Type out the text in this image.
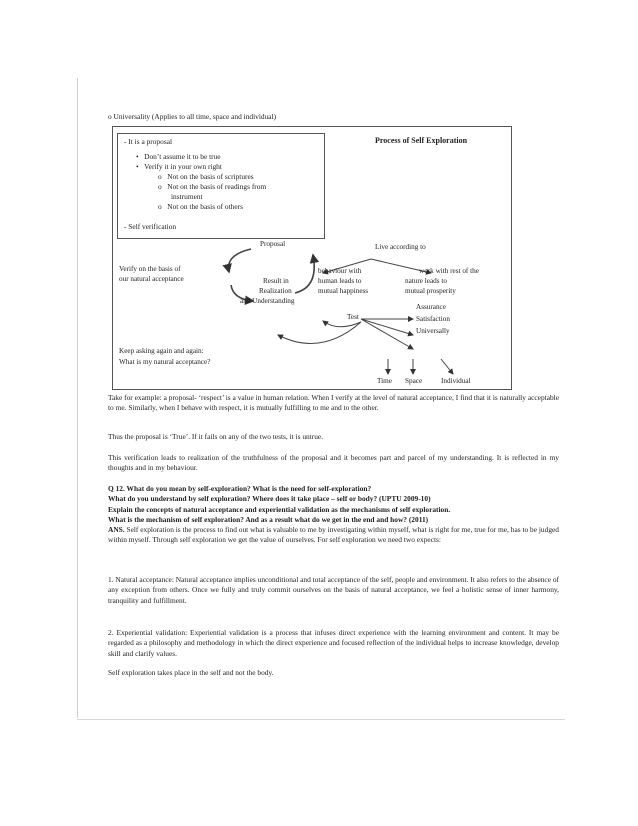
o Universality (Applies to all time, space and individual)
- It is a proposal
•   Don’t assume it to be true
•   Verify it in your own right
o   Not on the basis of scriptures
o   Not on the basis of readings from
instrument
o   Not on the basis of others
- Self verification
Process of Self Exploration
Proposal
Verify on the basis of
our natural acceptance	Result in
Realization
and Understanding
Live according to
behaviour with
human leads to
mutual happiness
work with rest of the
nature leads to
mutual prosperity
Test
Assurance
Satisfaction
Universally
Keep asking again and again:
What is my natural acceptance?
Time Space	Individual
Take for example: a proposal- ‘respect’ is a value in human relation. When I verify at the level of natural acceptance, I find that it is naturally acceptable to me. Similarly, when I behave with respect, it is mutually fulfilling to me and to the other.
Thus the proposal is ‘True’. If it fails on any of the two tests, it is untrue.
This verification leads to realization of the truthfulness of the proposal and it becomes part and parcel of my understanding. It is reflected in my thoughts and in my behaviour.
Q 12. What do you mean by self-exploration? What is the need for self-exploration?
What do you understand by self exploration? Where does it take place – self or body? (UPTU 2009-10)
Explain the concepts of natural acceptance and experiential validation as the mechanisms of self exploration.
What is the mechanism of self exploration? And as a result what do we get in the end and how? (2011)
ANS. Self exploration is the process to find out what is valuable to me by investigating within myself, what is right for me, true for me, has to be judged within myself. Through self exploration we get the value of ourselves. For self exploration we need two expects:
1. Natural acceptance: Natural acceptance implies unconditional and total acceptance of the self, people and environment. It also refers to the absence of any exception from others. Once we fully and truly commit ourselves on the basis of natural acceptance, we feel a holistic sense of inner harmony, tranquility and fulfillment.
2. Experiential validation: Experiential validation is a process that infuses direct experience with the learning environment and content. It may be regarded as a philosophy and methodology in which the direct experience and focused reflection of the individual helps to increase knowledge, develop skill and clarify values.
Self exploration takes place in the self and not the body.
